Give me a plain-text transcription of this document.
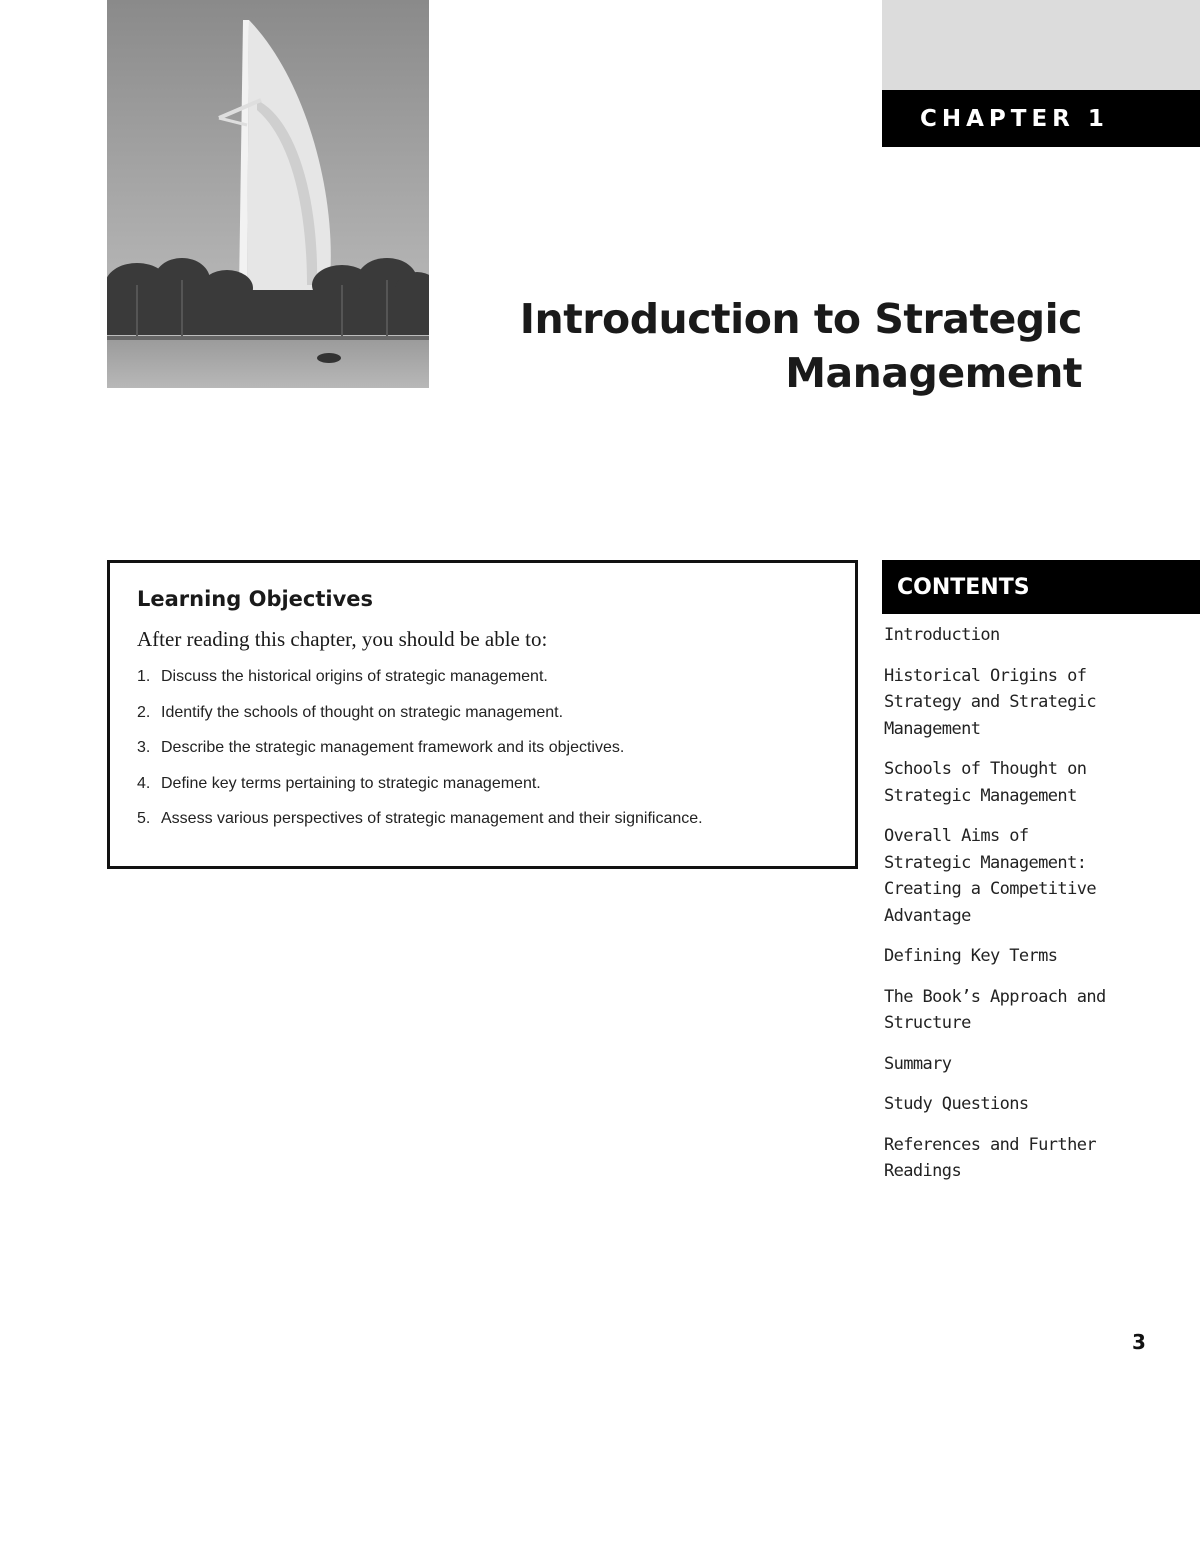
CHAPTER 1
Introduction to Strategic
Management
Learning Objectives
After reading this chapter, you should be able to:
1. Discuss the historical origins of strategic management.
2. Identify the schools of thought on strategic management.
3. Describe the strategic management framework and its objectives.
4. Define key terms pertaining to strategic management.
5. Assess various perspectives of strategic management and their significance.
CONTENTS
Introduction
Historical Origins of Strategy and Strategic Management
Schools of Thought on Strategic Management
Overall Aims of Strategic Management: Creating a Competitive Advantage
Defining Key Terms
The Book’s Approach and Structure
Summary
Study Questions
References and Further Readings
3
